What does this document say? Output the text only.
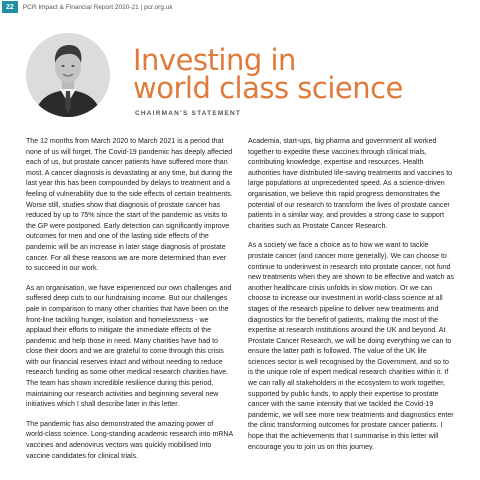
22	PCR Impact & Financial Report 2020-21 | pcr.org.uk
Investing in
world class science
CHAIRMAN’S STATEMENT

The 12 months from March 2020 to March 2021 is a period that none of us will forget. The Covid-19 pandemic has deeply affected each of us, but prostate cancer patients have suffered more than most. A cancer diagnosis is devastating at any time, but during the last year this has been compounded by delays to treatment and a feeling of vulnerability due to the side effects of certain treatments. Worse still, studies show that diagnosis of prostate cancer has reduced by up to 75% since the start of the pandemic as visits to the GP were postponed. Early detection can significantly improve outcomes for men and one of the lasting side effects of the pandemic will be an increase in later stage diagnosis of prostate cancer. For all these reasons we are more determined than ever to succeed in our work.

As an organisation, we have experienced our own challenges and suffered deep cuts to our fundraising income. But our challenges pale in comparison to many other charities that have been on the front-line tackling hunger, isolation and homelessness - we applaud their efforts to mitigate the immediate effects of the pandemic and help those in need. Many charities have had to close their doors and we are grateful to come through this crisis with our financial reserves intact and without needing to reduce research funding as some other medical research charities have. The team has shown incredible resilience during this period, maintaining our research activities and beginning several new initiatives which I shall describe later in this letter.

The pandemic has also demonstrated the amazing power of world-class science. Long-standing academic research into mRNA vaccines and adenovirus vectors was quickly mobilised into vaccine candidates for clinical trials.

Academia, start-ups, big pharma and government all worked together to expedite these vaccines through clinical trials, contributing knowledge, expertise and resources. Health authorities have distributed life-saving treatments and vaccines to large populations at unprecedented speed. As a science-driven organisation, we believe this rapid progress demonstrates the potential of our research to transform the lives of prostate cancer patients in a similar way, and provides a strong case to support charities such as Prostate Cancer Research.

As a society we face a choice as to how we want to tackle prostate cancer (and cancer more generally). We can choose to continue to underinvest in research into prostate cancer, not fund new treatments when they are shown to be effective and watch as another healthcare crisis unfolds in slow motion. Or we can choose to increase our investment in world-class science at all stages of the research pipeline to deliver new treatments and diagnostics for the benefit of patients, making the most of the expertise at research institutions around the UK and beyond. At Prostate Cancer Research, we will be doing everything we can to ensure the latter path is followed. The value of the UK life sciences sector is well recognised by the Government, and so to is the unique role of expert medical research charities within it. If we can rally all stakeholders in the ecosystem to work together, supported by public funds, to apply their expertise to prostate cancer with the same intensity that we tackled the Covid-19 pandemic, we will see more new treatments and diagnostics enter the clinic transforming outcomes for prostate cancer patients. I hope that the achievements that I summarise in this letter will encourage you to join us on this journey.
